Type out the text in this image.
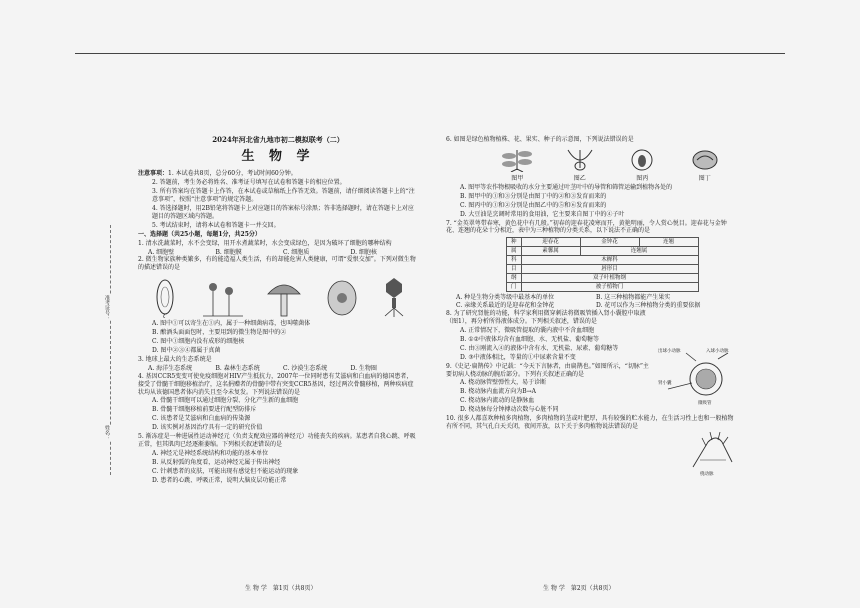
准考证号：
姓名：

2024年河北省九地市初二模拟联考（二）

生 物 学

注意事项：1. 本试卷共8页，总分60分，考试时间60分钟。

2. 答题前，考生务必将姓名、准考证号填写在试卷和答题卡的相应位置。

3. 所有答案均在答题卡上作答，在本试卷或草稿纸上作答无效。答题前，请仔细阅读答题卡上的“注意事项”，按照“注意事项”的规定答题。

4. 答选择题时，用2B铅笔将答题卡上对应题目的答案标号涂黑；答非选择题时，请在答题卡上对应题目的答题区域内答题。

5. 考试结束时，请将本试卷和答题卡一并交回。

一、选择题（共25小题，每题1分，共25分）

1. 清水洗蔬菜时，水不会变绿，用开水煮蔬菜时，水会变成绿色，是因为破坏了细胞的哪种结构

A. 细胞壁	B. 细胞膜	C. 细胞质	D. 细胞核

2. 微生物家族种类繁多，有的能造福人类生活，有的却能危害人类健康，可谓“爱恨交加”。下列对微生物的描述错误的是

A. 图中①可以寄生在①内，属于一种细菌病毒，也叫噬菌体

B. 酿酒头面面包时，主要用到的微生物是图中的②

C. 图中①细胞内没有成形的细胞核

D. 图中②③④都属于真菌

3. 地球上最大的生态系统是

A. 海洋生态系统	B. 森林生态系统	C. 沙漠生态系统	D. 生物圈

4. 基因CCR5变变可使免疫细胞对HIV产生抵抗力，2007年一位同时患有艾滋病和白血病的德国患者，接受了骨髓干细胞移植治疗，这名捐赠者的骨髓中带有突变CCR5基因，经过两次骨髓移植，两种疾病症状均从该德国患者体内消失且至今未复发。下列说法错误的是

A. 骨髓干细胞可以通过细胞分裂、分化产生新的血细胞

B. 骨髓干细胞移植前要进行配型防排斥

C. 该患者是艾滋病和白血病的传染源

D. 该实例对基因治疗具有一定的研究价值

5. 渐冻症是一种进展性运动神经元（负责支配效应器的神经元）功能丧失的疾病。某患者自我心跳、呼吸正常，但其肌肉已经逐渐萎缩。下列相关叙述错误的是

A. 神经元是神经系统结构和功能的基本单位

B. 从反射弧的角度看，运动神经元属于传出神经

C. 针刺患者的皮肤，可能出现有感觉但不能运动的现象

D. 患者的心跳、呼吸正常，说明大脑皮层功能正常

生 物 学　第1页（共8页）

6. 如图是绿色植物植株、花、果实、种子的示意图，下列说法错误的是

图甲	图乙	图丙	图丁

A. 图甲等农作物根吸收的水分主要通过叶茎叶中的导管和筛管运输到植物各处的

B. 图甲中的①和③分别是由图丁中的②和③发育而来的

C. 图丙中的①和②分别是由图乙中的⑤和⑥发育而来的

D. 大豆油是烹调时常用的食用油，它主要来自图丁中的④子叶

7. “金英翠萼带春寒，黄色花中有几般。”初春的迎春花凌寒而开，黄艳明丽，令人赏心悦目。迎春花与金钟花、连翘的花朵十分相近，表中为三种植物的分类关系，以下说法不正确的是

种	迎春花	金钟花	连翘
属	素馨属	连翘属	
科	木樨科		
目	唇形目		
纲	双子叶植物纲		
门	被子植物门		
A. 种是生物分类等级中最基本的单位	B. 这三种植物都能产生果实
C. 亲缘关系最近的是迎春花和金钟花	D. 花可以作为三种植物分类的重要依据

8. 为了研究肾脏的功能，科学家利用微穿刺法将微吸管插入肾小囊腔中取液（图1），再分析所得液体成分。下列相关叙述，错误的是

A. 正常情况下，微吸管提取的囊内液中不含血细胞

B. ①②中液体均含有血细胞、水、无机盐、葡萄糖等

C. 由③刚流入④的液体中含有水、无机盐、尿素、葡萄糖等

D. ③中液体相比，等量的①中尿素含量不变

9.《史记·扁鹊传》中记载：“今天下言脉者，由扁鹊也。”如图所示，“切脉”主要切病人桡动脉的腕后部分。下列有关叙述正确的是

A. 桡动脉管壁弹性大，易于诊断

B. 桡动脉内血流方向为B→A

C. 桡动脉内流动的是静脉血

D. 桡动脉每分钟搏动次数与心脏不同

10. 很多人都喜欢种植多肉植物，多肉植物的茎或叶肥厚，具有较强的贮水能力，在生活习性上也和一般植物有所不同，其气孔白天关闭，夜间开放，以下关于多肉植物说法错误的是

出球小动脉	入球小动脉
肾小囊
微吸管
桡动脉
生 物 学　第2页（共8页）
